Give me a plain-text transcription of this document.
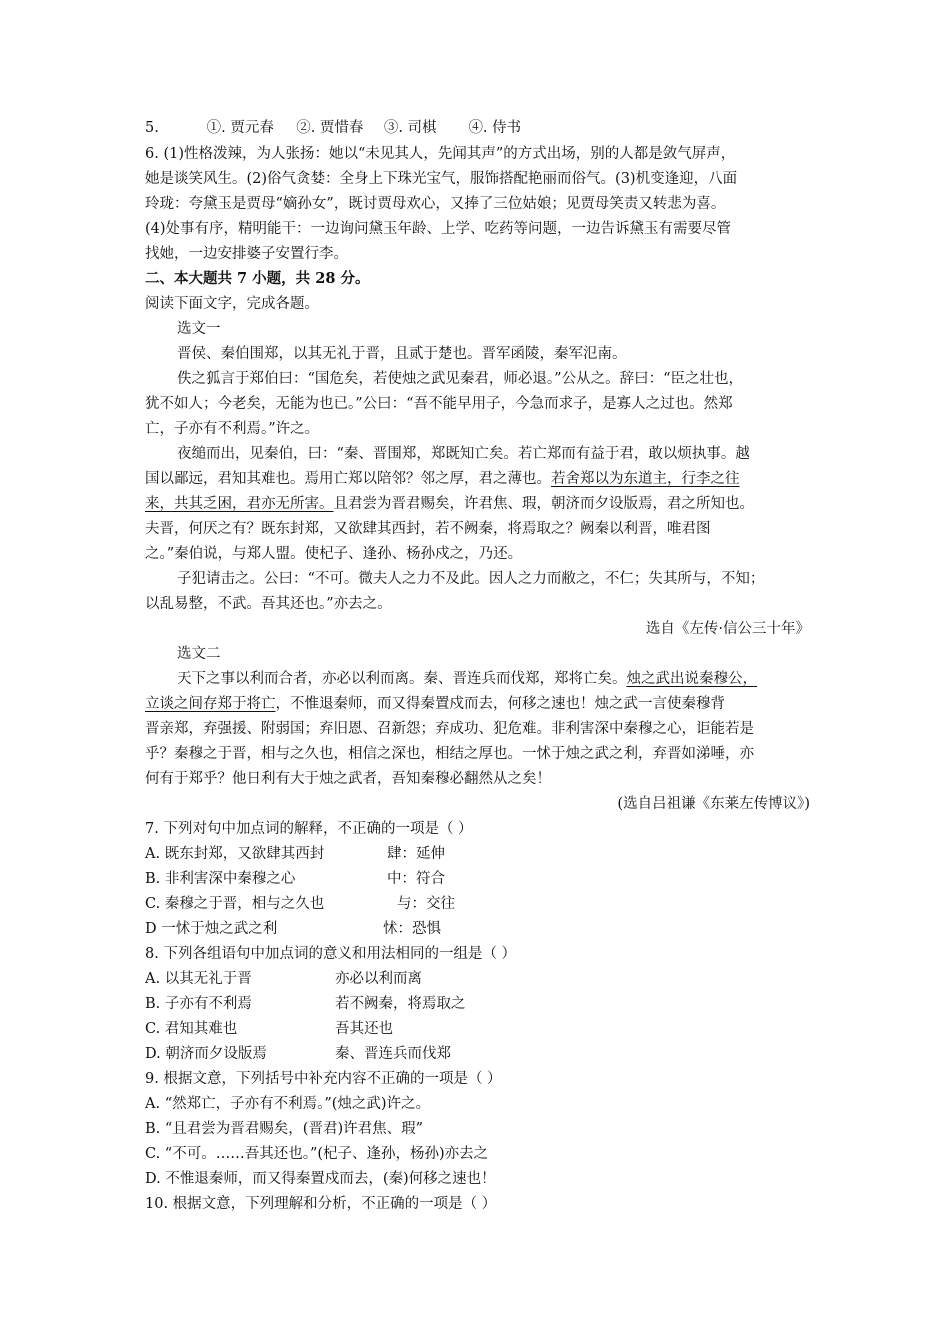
5.	①. 贾元春 ②. 贾惜春 ③. 司棋 ④. 侍书
6. (1)性格泼辣，为人张扬：她以“未见其人，先闻其声”的方式出场，别的人都是敛气屏声，
她是谈笑风生。(2)俗气贪婪：全身上下珠光宝气，服饰搭配艳丽而俗气。(3)机变逢迎，八面
玲珑：夸黛玉是贾母“嫡孙女”，既讨贾母欢心，又捧了三位姑娘；见贾母笑责又转悲为喜。
(4)处事有序，精明能干：一边询问黛玉年龄、上学、吃药等问题，一边告诉黛玉有需要尽管
找她，一边安排婆子安置行李。
二、本大题共 7 小题，共 28 分。
阅读下面文字，完成各题。
选文一
晋侯、秦伯围郑，以其无礼于晋，且贰于楚也。晋军函陵，秦军氾南。
佚之狐言于郑伯曰：“国危矣，若使烛之武见秦君，师必退。”公从之。辞曰：“臣之壮也，
犹不如人；今老矣，无能为也已。”公曰：“吾不能早用子，今急而求子，是寡人之过也。然郑
亡，子亦有不利焉。”许之。
夜缒而出，见秦伯，曰：“秦、晋围郑，郑既知亡矣。若亡郑而有益于君，敢以烦执事。越
国以鄙远，君知其难也。焉用亡郑以陪邻？邻之厚，君之薄也。若舍郑以为东道主，行李之往
来，共其乏困，君亦无所害。且君尝为晋君赐矣，许君焦、瑕，朝济而夕设版焉，君之所知也。
夫晋，何厌之有？既东封郑，又欲肆其西封，若不阙秦，将焉取之？阙秦以利晋，唯君图
之。”秦伯说，与郑人盟。使杞子、逢孙、杨孙戍之，乃还。
子犯请击之。公曰：“不可。微夫人之力不及此。因人之力而敝之，不仁；失其所与，不知；
以乱易整，不武。吾其还也。”亦去之。
选自《左传·信公三十年》
选文二
天下之事以利而合者，亦必以利而离。秦、晋连兵而伐郑，郑将亡矣。烛之武出说秦穆公，
立谈之间存郑于将亡，不惟退秦师，而又得秦置戍而去，何移之速也！烛之武一言使秦穆背
晋亲郑，弃强援、附弱国；弃旧恩、召新怨；弃成功、犯危难。非利害深中秦穆之心，讵能若是
乎？秦穆之于晋，相与之久也，相信之深也，相结之厚也。一怵于烛之武之利，弃晋如涕唾，亦
何有于郑乎？他日利有大于烛之武者，吾知秦穆必翻然从之矣！
(选自吕祖谦《东莱左传博议》)
7. 下列对句中加点词的解释，不正确的一项是（ ）
A. 既东封郑，又欲肆其西封	肆：延伸
B. 非利害深中秦穆之心	中：符合
C. 秦穆之于晋，相与之久也	与：交往
D 一怵于烛之武之利	怵：恐惧
8. 下列各组语句中加点词的意义和用法相同的一组是（ ）
A. 以其无礼于晋	亦必以利而离
B. 子亦有不利焉	若不阙秦，将焉取之
C. 君知其难也	吾其还也
D. 朝济而夕设版焉	秦、晋连兵而伐郑
9. 根据文意，下列括号中补充内容不正确的一项是（ ）
A. “然郑亡，子亦有不利焉。”(烛之武)许之。
B. “且君尝为晋君赐矣，(晋君)许君焦、瑕”
C. “不可。……吾其还也。”(杞子、逢孙，杨孙)亦去之
D. 不惟退秦师，而又得秦置戍而去，(秦)何移之速也！
10. 根据文意，下列理解和分析，不正确的一项是（ ）
